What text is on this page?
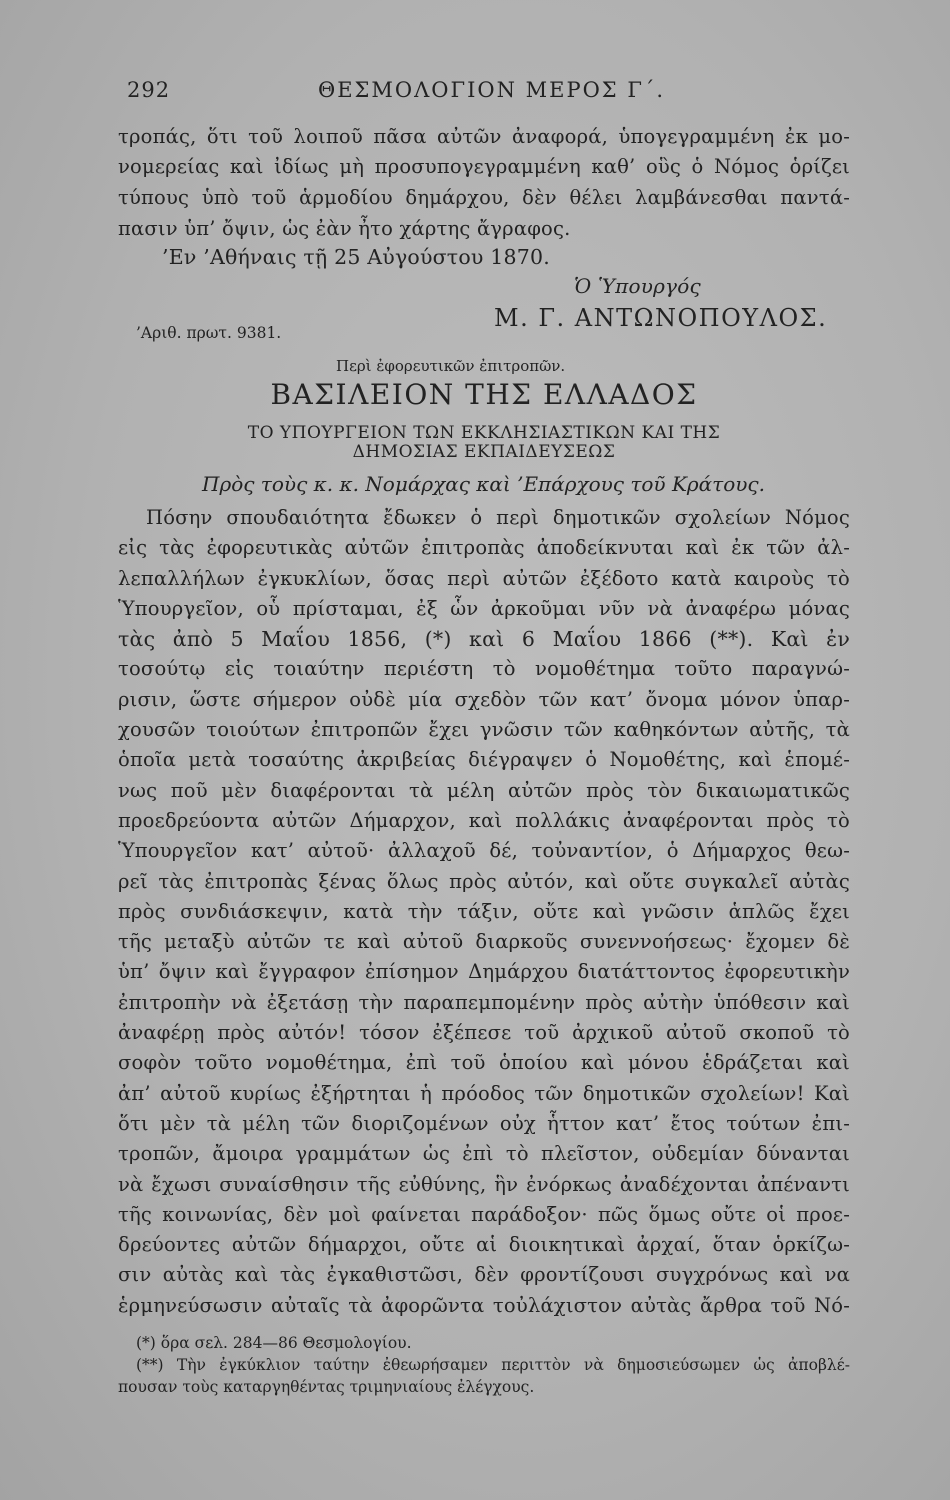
292	ΘΕΣΜΟΛΟΓΙΟΝ ΜΕΡΟΣ Γ΄.
τροπάς, ὅτι τοῦ λοιποῦ πᾶσα αὐτῶν ἀναφορά, ὑπογεγραμμένη ἐκ μο-
νομερείας καὶ ἰδίως μὴ προσυπογεγραμμένη καθ’ οὓς ὁ Νόμος ὁρίζει
τύπους ὑπὸ τοῦ ἁρμοδίου δημάρχου, δὲν θέλει λαμβάνεσθαι παντά-
πασιν ὑπ’ ὄψιν, ὡς ἐὰν ἦτο χάρτης ἄγραφος.
’Εν ’Αθήναις τῇ 25 Αὐγούστου 1870.
Ὁ Ὑπουργός
Μ. Γ. ΑΝΤΩΝΟΠΟΥΛΟΣ.
’Αριθ. πρωτ. 9381.
Περὶ ἐφορευτικῶν ἐπιτροπῶν.
ΒΑΣΙΛΕΙΟΝ ΤΗΣ ΕΛΛΑΔΟΣ
ΤΟ ΥΠΟΥΡΓΕΙΟΝ ΤΩΝ ΕΚΚΛΗΣΙΑΣΤΙΚΩΝ ΚΑΙ ΤΗΣ
ΔΗΜΟΣΙΑΣ ΕΚΠΑΙΔΕΥΣΕΩΣ
Πρὸς τοὺς κ. κ. Νομάρχας καὶ ’Επάρχους τοῦ Κράτους.
Πόσην σπουδαιότητα ἔδωκεν ὁ περὶ δημοτικῶν σχολείων Νόμος
εἰς τὰς ἐφορευτικὰς αὐτῶν ἐπιτροπὰς ἀποδείκνυται καὶ ἐκ τῶν ἀλ-
λεπαλλήλων ἐγκυκλίων, ὅσας περὶ αὐτῶν ἐξέδοτο κατὰ καιροὺς τὸ
Ὑπουργεῖον, οὗ πρίσταμαι, ἐξ ὧν ἀρκοῦμαι νῦν νὰ ἀναφέρω μόνας
τὰς ἀπὸ 5 Μαΐου 1856, (*) καὶ 6 Μαΐου 1866 (**). Καὶ ἐν
τοσούτῳ εἰς τοιαύτην περιέστη τὸ νομοθέτημα τοῦτο παραγνώ-
ρισιν, ὥστε σήμερον οὐδὲ μία σχεδὸν τῶν κατ’ ὄνομα μόνον ὑπαρ-
χουσῶν τοιούτων ἐπιτροπῶν ἔχει γνῶσιν τῶν καθηκόντων αὐτῆς, τὰ
ὁποῖα μετὰ τοσαύτης ἀκριβείας διέγραψεν ὁ Νομοθέτης, καὶ ἑπομέ-
νως ποῦ μὲν διαφέρονται τὰ μέλη αὐτῶν πρὸς τὸν δικαιωματικῶς
προεδρεύοντα αὐτῶν Δήμαρχον, καὶ πολλάκις ἀναφέρονται πρὸς τὸ
Ὑπουργεῖον κατ’ αὐτοῦ· ἀλλαχοῦ δέ, τοὐναντίον, ὁ Δήμαρχος θεω-
ρεῖ τὰς ἐπιτροπὰς ξένας ὅλως πρὸς αὐτόν, καὶ οὔτε συγκαλεῖ αὐτὰς
πρὸς συνδιάσκεψιν, κατὰ τὴν τάξιν, οὔτε καὶ γνῶσιν ἁπλῶς ἔχει
τῆς μεταξὺ αὐτῶν τε καὶ αὐτοῦ διαρκοῦς συνεννοήσεως· ἔχομεν δὲ
ὑπ’ ὄψιν καὶ ἔγγραφον ἐπίσημον Δημάρχου διατάττοντος ἐφορευτικὴν
ἐπιτροπὴν νὰ ἐξετάσῃ τὴν παραπεμπομένην πρὸς αὐτὴν ὑπόθεσιν καὶ
ἀναφέρῃ πρὸς αὐτόν! τόσον ἐξέπεσε τοῦ ἀρχικοῦ αὐτοῦ σκοποῦ τὸ
σοφὸν τοῦτο νομοθέτημα, ἐπὶ τοῦ ὁποίου καὶ μόνου ἑδράζεται καὶ
ἀπ’ αὐτοῦ κυρίως ἐξήρτηται ἡ πρόοδος τῶν δημοτικῶν σχολείων! Καὶ
ὅτι μὲν τὰ μέλη τῶν διοριζομένων οὐχ ἧττον κατ’ ἔτος τούτων ἐπι-
τροπῶν, ἄμοιρα γραμμάτων ὡς ἐπὶ τὸ πλεῖστον, οὐδεμίαν δύνανται
νὰ ἔχωσι συναίσθησιν τῆς εὐθύνης, ἣν ἐνόρκως ἀναδέχονται ἀπέναντι
τῆς κοινωνίας, δὲν μοὶ φαίνεται παράδοξον· πῶς ὅμως οὔτε οἱ προε-
δρεύοντες αὐτῶν δήμαρχοι, οὔτε αἱ διοικητικαὶ ἀρχαί, ὅταν ὁρκίζω-
σιν αὐτὰς καὶ τὰς ἐγκαθιστῶσι, δὲν φροντίζουσι συγχρόνως καὶ να
ἑρμηνεύσωσιν αὐταῖς τὰ ἀφορῶντα τοὐλάχιστον αὐτὰς ἄρθρα τοῦ Νό-
(*) ὅρα σελ. 284—86 Θεσμολογίου.
(**) Τὴν ἐγκύκλιον ταύτην ἐθεωρήσαμεν περιττὸν νὰ δημοσιεύσωμεν ὡς ἀποβλέ-
πουσαν τοὺς καταργηθέντας τριμηνιαίους ἐλέγχους.
